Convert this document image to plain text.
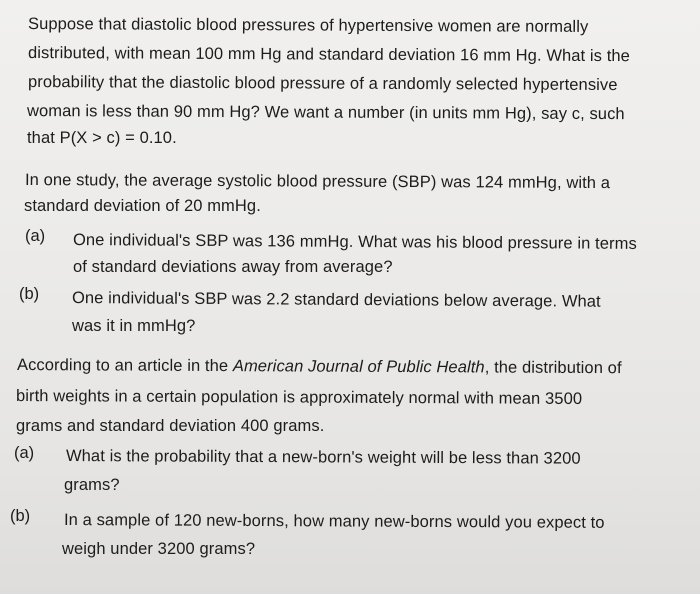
Suppose that diastolic blood pressures of hypertensive women are normally
distributed, with mean 100 mm Hg and standard deviation 16 mm Hg. What is the
probability that the diastolic blood pressure of a randomly selected hypertensive
woman is less than 90 mm Hg? We want a number (in units mm Hg), say c, such
that P(X > c) = 0.10.
In one study, the average systolic blood pressure (SBP) was 124 mmHg, with a
standard deviation of 20 mmHg.
(a) One individual's SBP was 136 mmHg. What was his blood pressure in terms
of standard deviations away from average?
(b) One individual's SBP was 2.2 standard deviations below average. What
was it in mmHg?
According to an article in the American Journal of Public Health, the distribution of
birth weights in a certain population is approximately normal with mean 3500
grams and standard deviation 400 grams.
(a) What is the probability that a new-born's weight will be less than 3200
grams?
(b) In a sample of 120 new-borns, how many new-borns would you expect to
weigh under 3200 grams?
